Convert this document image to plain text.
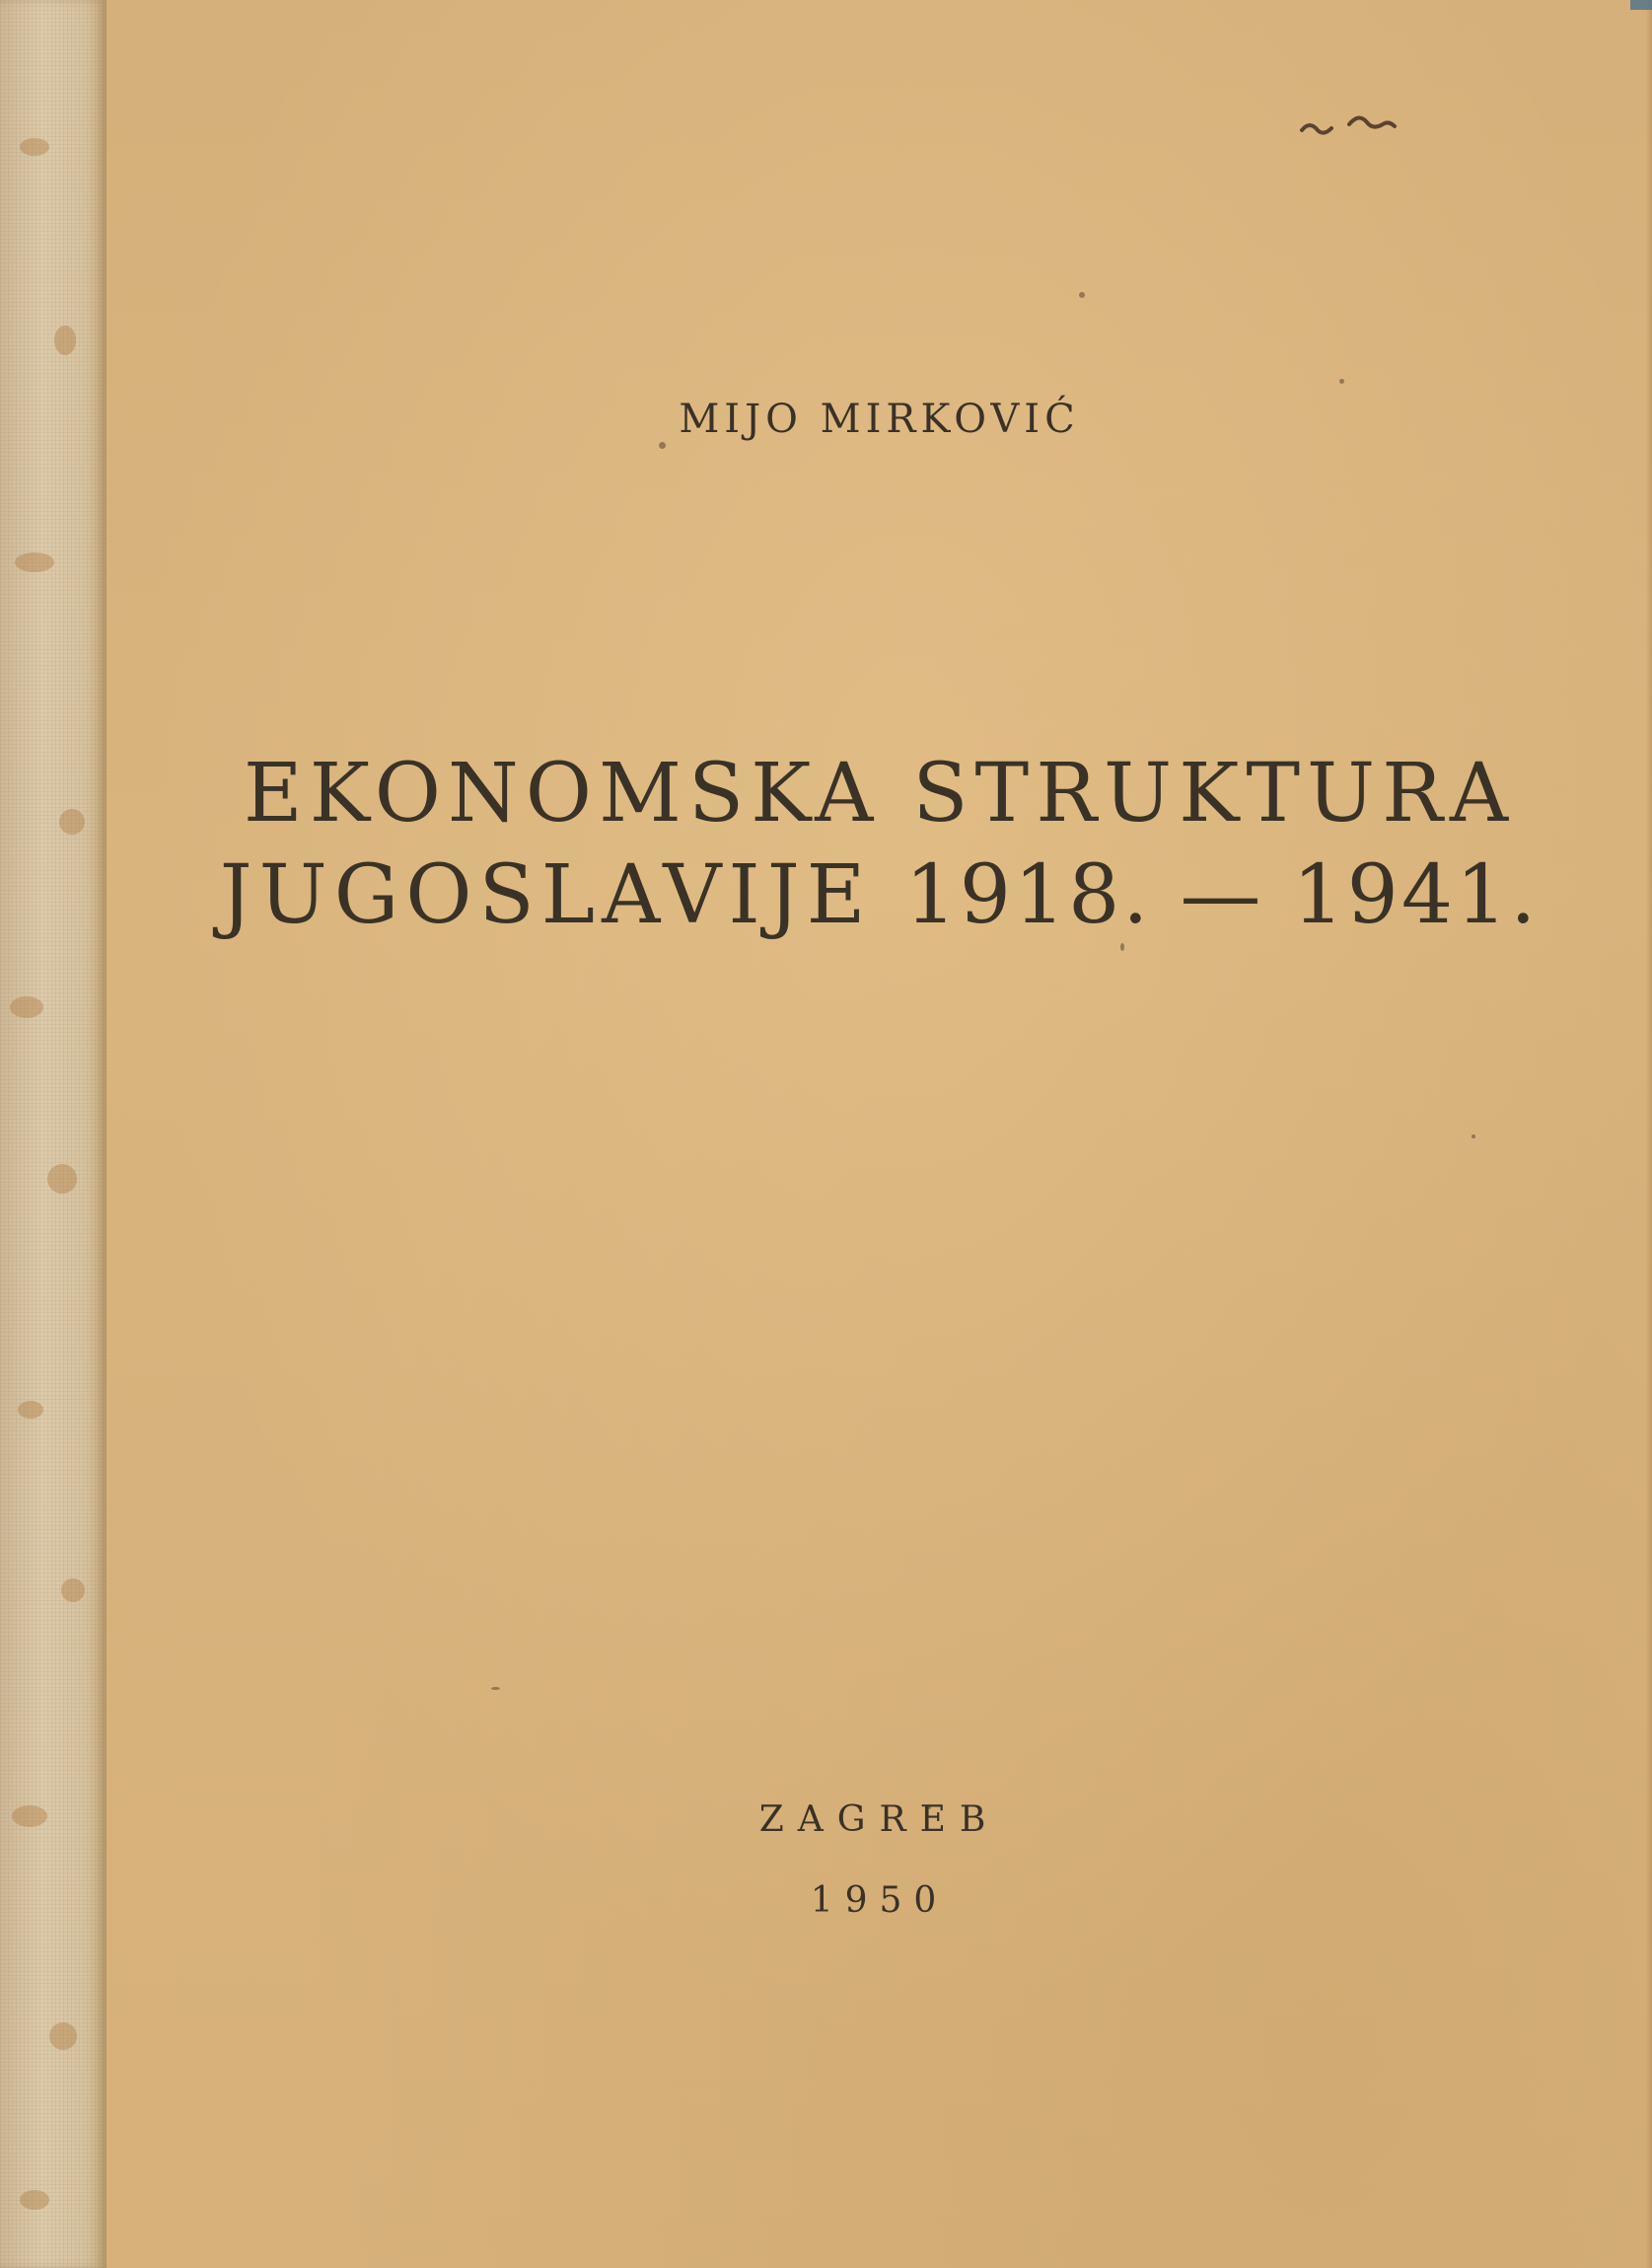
MIJO MIRKOVIĆ
EKONOMSKA STRUKTURA
JUGOSLAVIJE 1918. — 1941.
ZAGREB
1950
